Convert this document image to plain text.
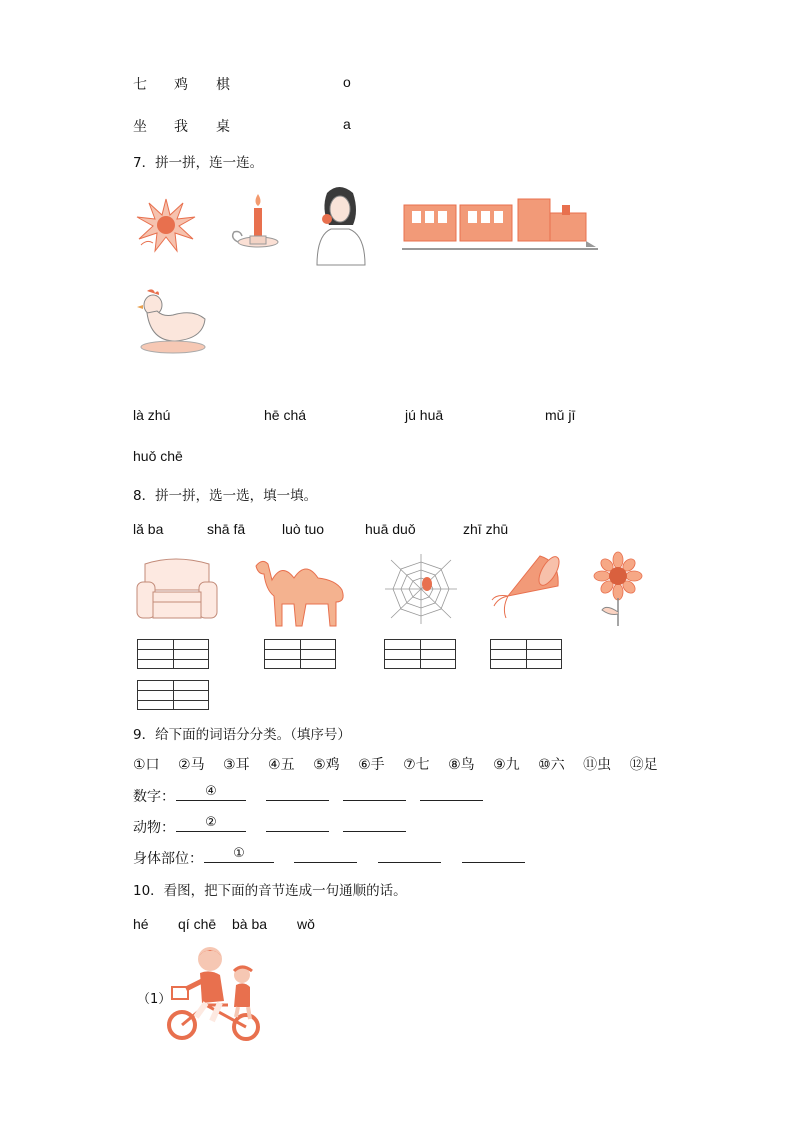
七 鸡 棋	o
坐 我 桌	a
7．拼一拼，连一连。
là zhú	hē chá	jú huā	mǔ jī
huǒ chē
8．拼一拼，选一选，填一填。
lǎ ba	shā fā	luò tuo	huā duǒ	zhī zhū
9．给下面的词语分分类。（填序号）
①口 ②马 ③耳 ④五 ⑤鸡 ⑥手 ⑦七 ⑧鸟 ⑨九 ⑩六 ⑪虫 ⑫足
数字：	④
动物：	②
身体部位：	①
10．看图，把下面的音节连成一句通顺的话。
hé qí chē bà ba wǒ
（1）
